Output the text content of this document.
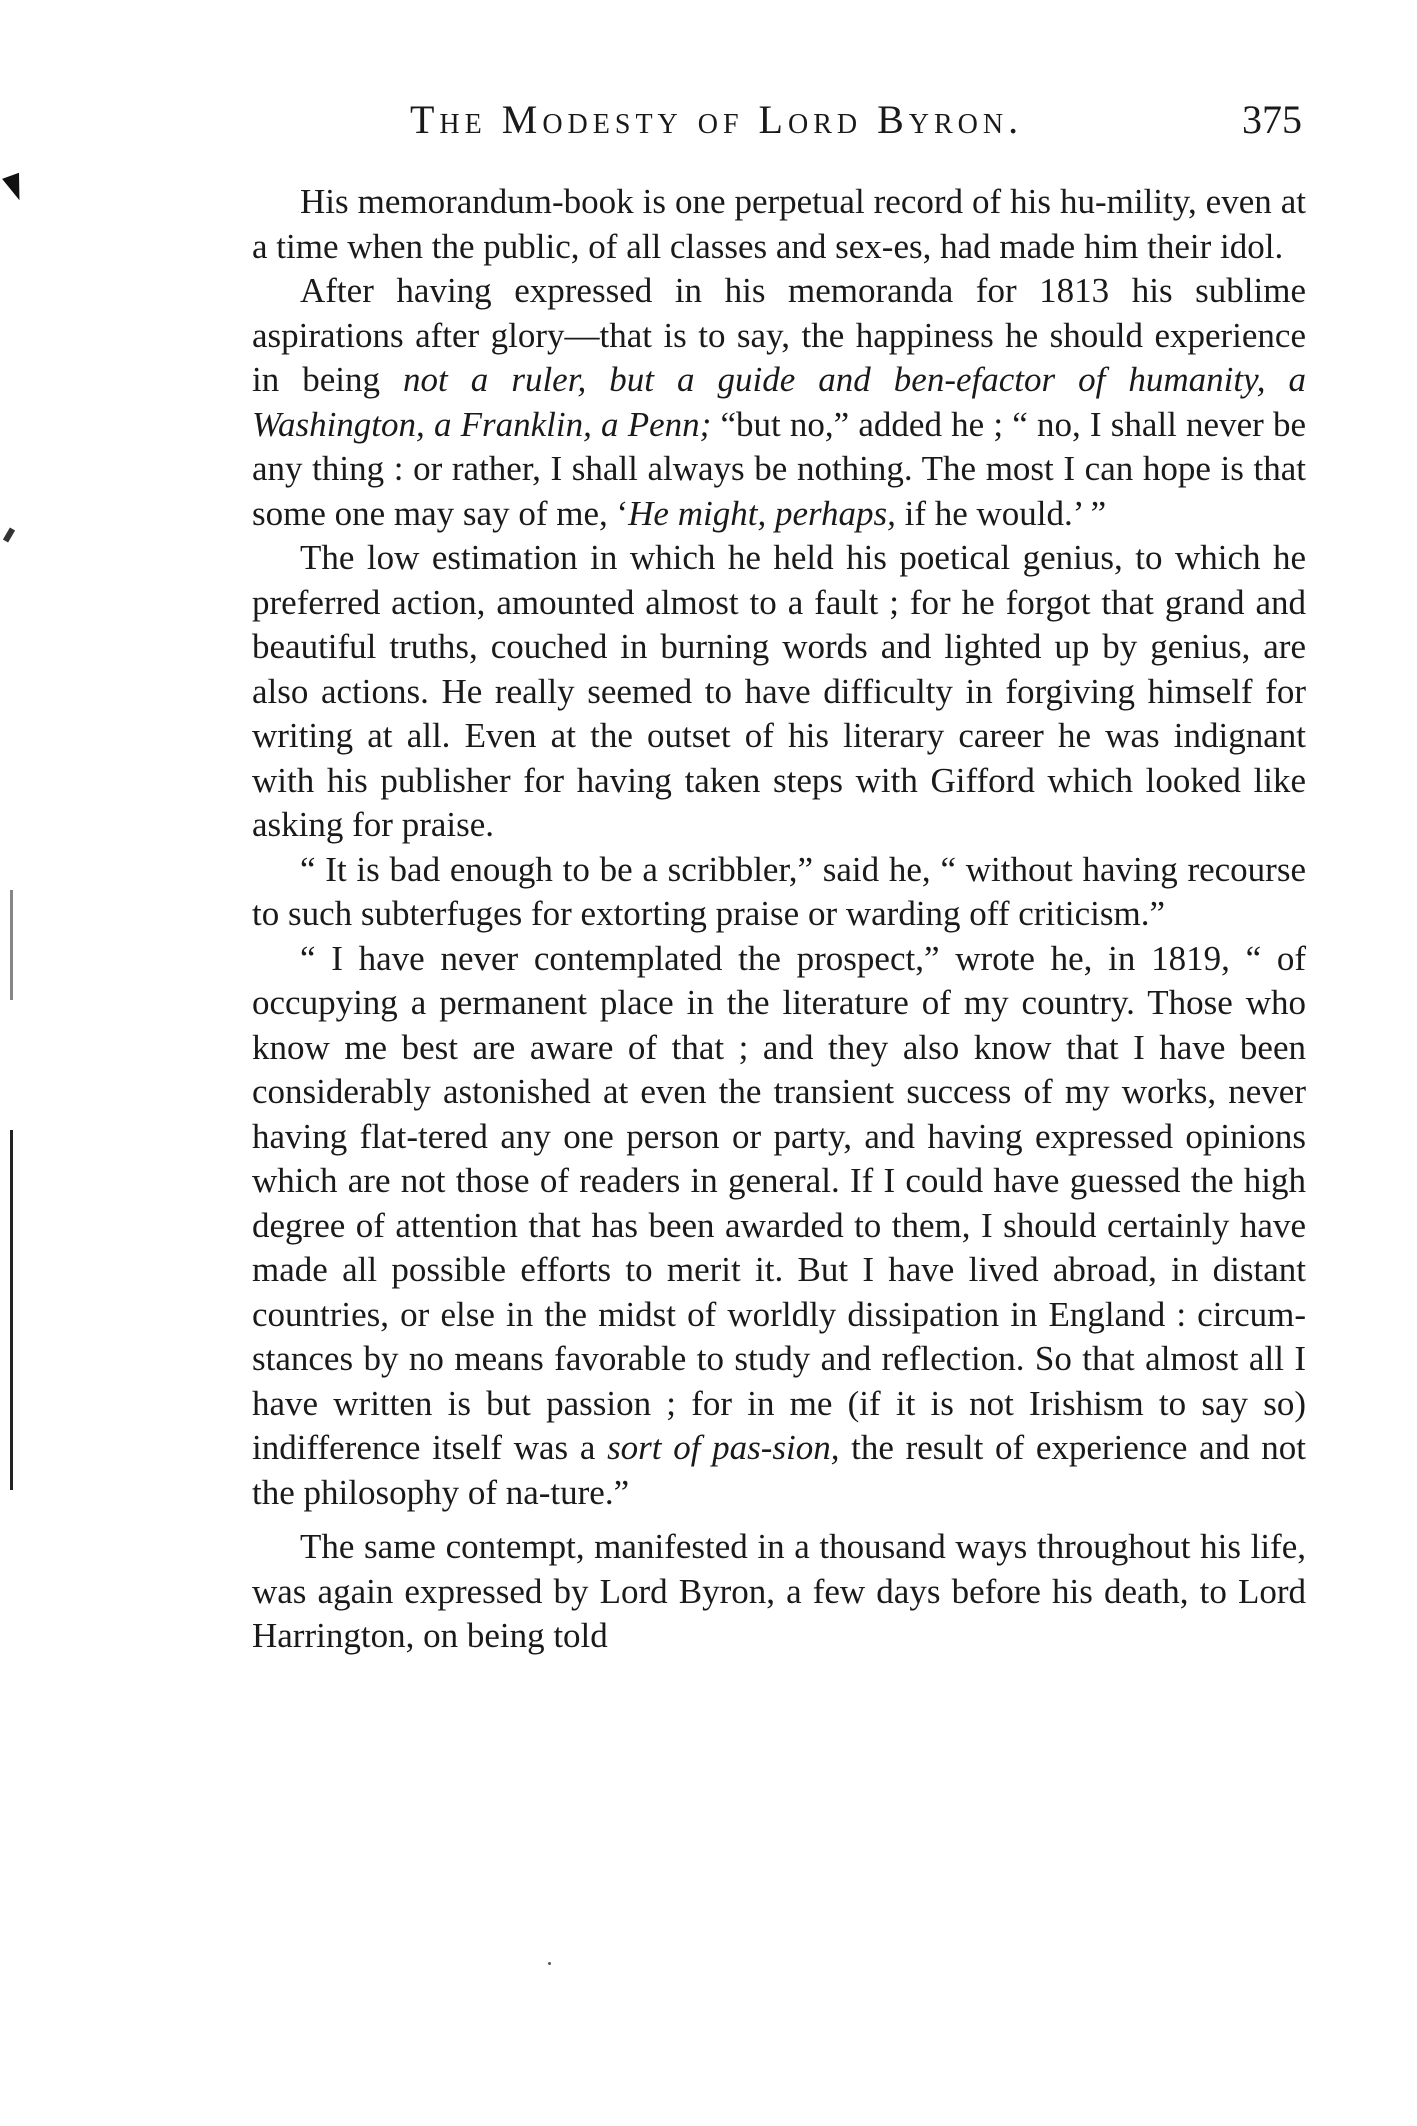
The Modesty of Lord Byron.	375

His memorandum-book is one perpetual record of his hu-mility, even at a time when the public, of all classes and sex-es, had made him their idol.

After having expressed in his memoranda for 1813 his sublime aspirations after glory—that is to say, the happiness he should experience in being not a ruler, but a guide and ben-efactor of humanity, a Washington, a Franklin, a Penn; “but no,” added he ; “ no, I shall never be any thing : or rather, I shall always be nothing. The most I can hope is that some one may say of me, ‘He might, perhaps, if he would.’ ”

The low estimation in which he held his poetical genius, to which he preferred action, amounted almost to a fault ; for he forgot that grand and beautiful truths, couched in burning words and lighted up by genius, are also actions. He really seemed to have difficulty in forgiving himself for writing at all. Even at the outset of his literary career he was indignant with his publisher for having taken steps with Gifford which looked like asking for praise.

“ It is bad enough to be a scribbler,” said he, “ without having recourse to such subterfuges for extorting praise or warding off criticism.”

“ I have never contemplated the prospect,” wrote he, in 1819, “ of occupying a permanent place in the literature of my country. Those who know me best are aware of that ; and they also know that I have been considerably astonished at even the transient success of my works, never having flat-tered any one person or party, and having expressed opinions which are not those of readers in general. If I could have guessed the high degree of attention that has been awarded to them, I should certainly have made all possible efforts to merit it. But I have lived abroad, in distant countries, or else in the midst of worldly dissipation in England : circum-stances by no means favorable to study and reflection. So that almost all I have written is but passion ; for in me (if it is not Irishism to say so) indifference itself was a sort of pas-sion, the result of experience and not the philosophy of na-ture.”

The same contempt, manifested in a thousand ways throughout his life, was again expressed by Lord Byron, a few days before his death, to Lord Harrington, on being told
